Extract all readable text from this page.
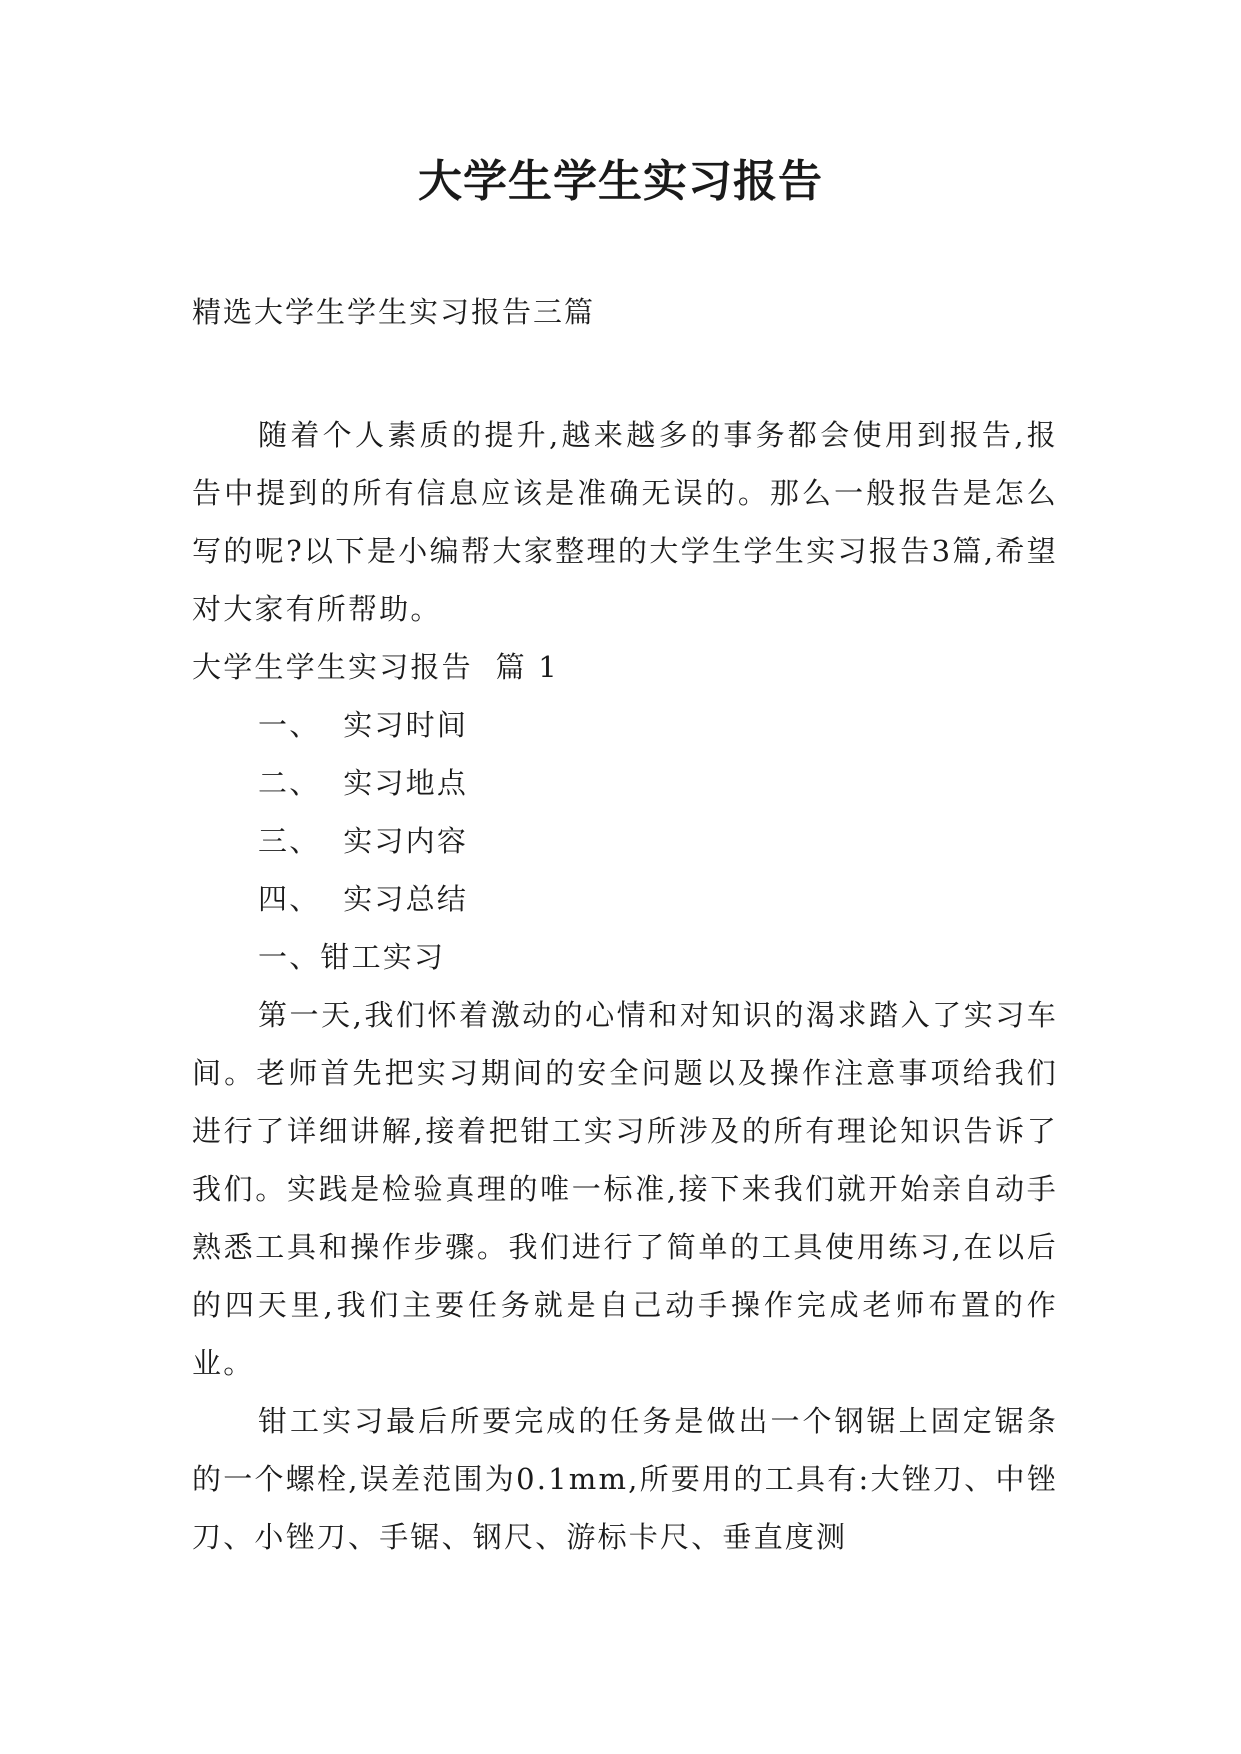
大学生学生实习报告

精选大学生学生实习报告三篇

随着个人素质的提升,越来越多的事务都会使用到报告,报告中提到的所有信息应该是准确无误的。那么一般报告是怎么写的呢?以下是小编帮大家整理的大学生学生实习报告3篇,希望对大家有所帮助。

大学生学生实习报告  篇 1

一、  实习时间

二、  实习地点

三、  实习内容

四、  实习总结

一、钳工实习

第一天,我们怀着激动的心情和对知识的渴求踏入了实习车间。老师首先把实习期间的安全问题以及操作注意事项给我们进行了详细讲解,接着把钳工实习所涉及的所有理论知识告诉了我们。实践是检验真理的唯一标准,接下来我们就开始亲自动手熟悉工具和操作步骤。我们进行了简单的工具使用练习,在以后的四天里,我们主要任务就是自己动手操作完成老师布置的作业。

钳工实习最后所要完成的任务是做出一个钢锯上固定锯条的一个螺栓,误差范围为0.1mm,所要用的工具有:大锉刀、中锉刀、小锉刀、手锯、钢尺、游标卡尺、垂直度测
